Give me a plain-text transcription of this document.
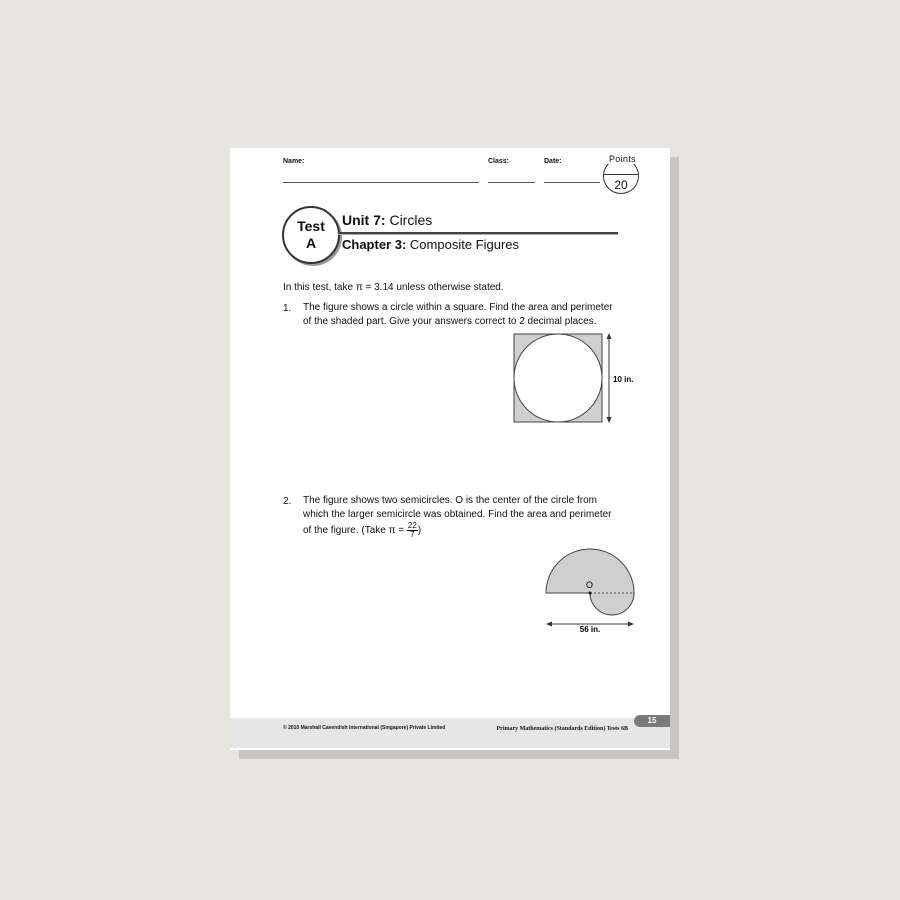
Name:	Class:	Date:
20
Points
Test
A
Unit 7: Circles
Chapter 3: Composite Figures
In this test, take π = 3.14 unless otherwise stated.
1. The figure shows a circle within a square. Find the area and perimeter
of the shaded part. Give your answers correct to 2 decimal places.
10 in.
2. The figure shows two semicircles. O is the center of the circle from
which the larger semicircle was obtained. Find the area and perimeter
of the figure. (Take $\pi = \frac{22}{7}$ )
O
56 in.
© 2010 Marshall Cavendish International (Singapore) Private Limited	Primary Mathematics (Standards Edition) Tests 6B
15
